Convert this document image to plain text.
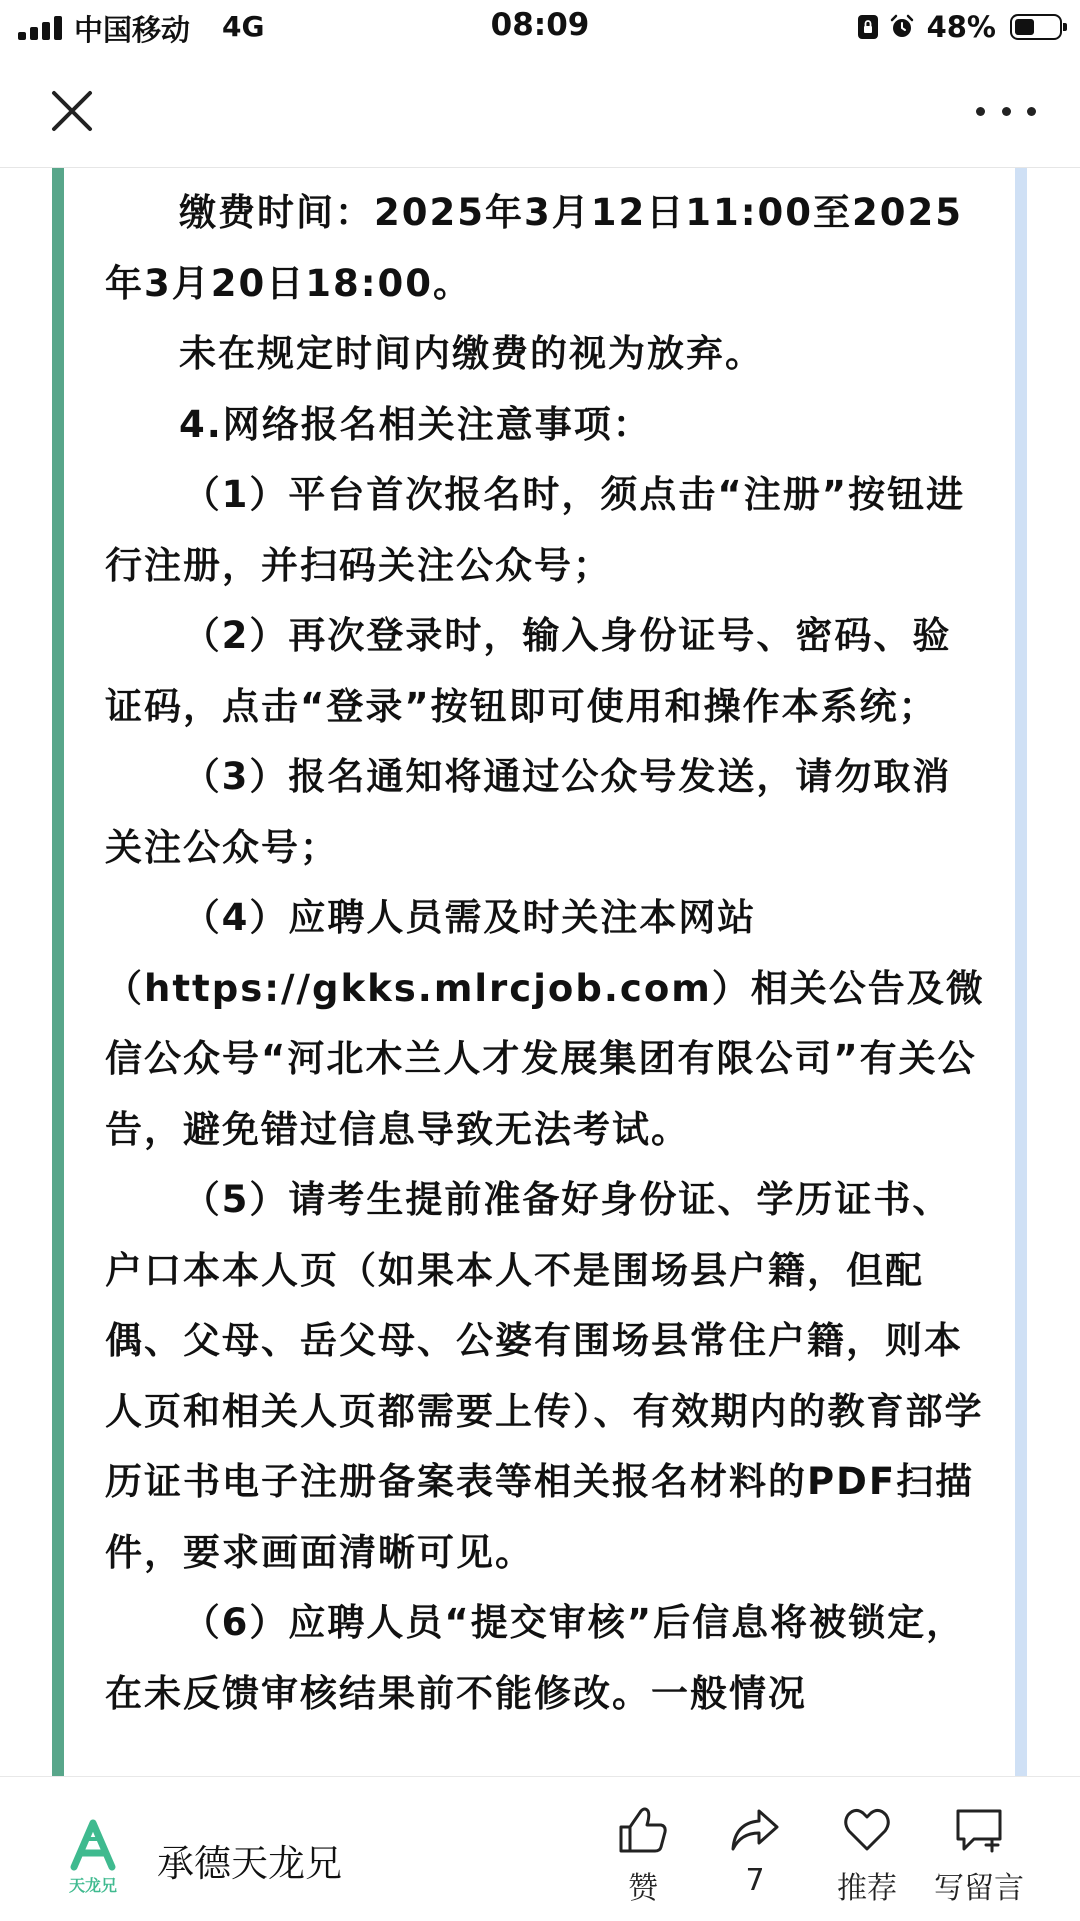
中国移动 4G	08:09	48%

缴费时间：2025年3月12日11:00至2025年3月20日18:00。

未在规定时间内缴费的视为放弃。

4.网络报名相关注意事项：

（1）平台首次报名时，须点击“注册”按钮进行注册，并扫码关注公众号；

（2）再次登录时，输入身份证号、密码、验证码，点击“登录”按钮即可使用和操作本系统；

（3）报名通知将通过公众号发送，请勿取消关注公众号；

（4）应聘人员需及时关注本网站（https://gkks.mlrcjob.com）相关公告及微信公众号“河北木兰人才发展集团有限公司”有关公告，避免错过信息导致无法考试。

（5）请考生提前准备好身份证、学历证书、户口本本人页（如果本人不是围场县户籍，但配偶、父母、岳父母、公婆有围场县常住户籍，则本人页和相关人页都需要上传）、有效期内的教育部学历证书电子注册备案表等相关报名材料的PDF扫描件，要求画面清晰可见。

（6）应聘人员“提交审核”后信息将被锁定，在未反馈审核结果前不能修改。一般情况

天龙兄
承德天龙兄
赞	7	推荐	写留言
